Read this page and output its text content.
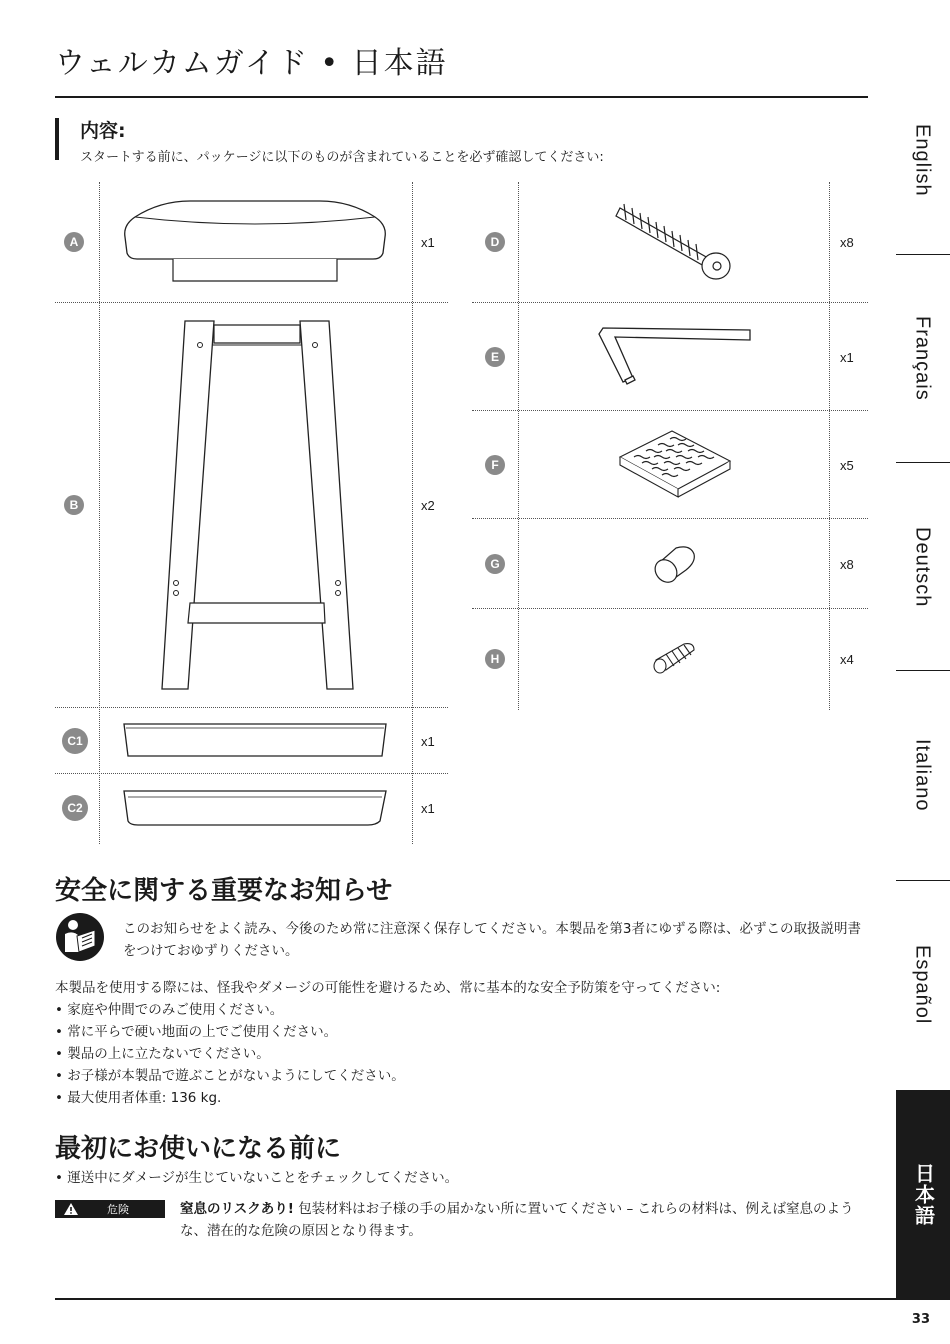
ウェルカムガイド • 日本語
内容:
スタートする前に、パッケージに以下のものが含まれていることを必ず確認してください:
A	x1
B	x2
C1	x1
C2	x1
D	x8
E	x1
F	x5
G	x8
H	x4
English
Français
Deutsch
Italiano
Español
日本語
安全に関する重要なお知らせ
このお知らせをよく読み、今後のため常に注意深く保存してください。本製品を第3者にゆずる際は、必ずこの取扱説明書をつけておゆずりください。
本製品を使用する際には、怪我やダメージの可能性を避けるため、常に基本的な安全予防策を守ってください:
• 家庭や仲間でのみご使用ください。
• 常に平らで硬い地面の上でご使用ください。
• 製品の上に立たないでください。
• お子様が本製品で遊ぶことがないようにしてください。
• 最大使用者体重: 136 kg.
最初にお使いになる前に
• 運送中にダメージが生じていないことをチェックしてください。
危険	窒息のリスクあり! 包装材料はお子様の手の届かない所に置いてください – これらの材料は、例えば窒息のような、潜在的な危険の原因となり得ます。
33
